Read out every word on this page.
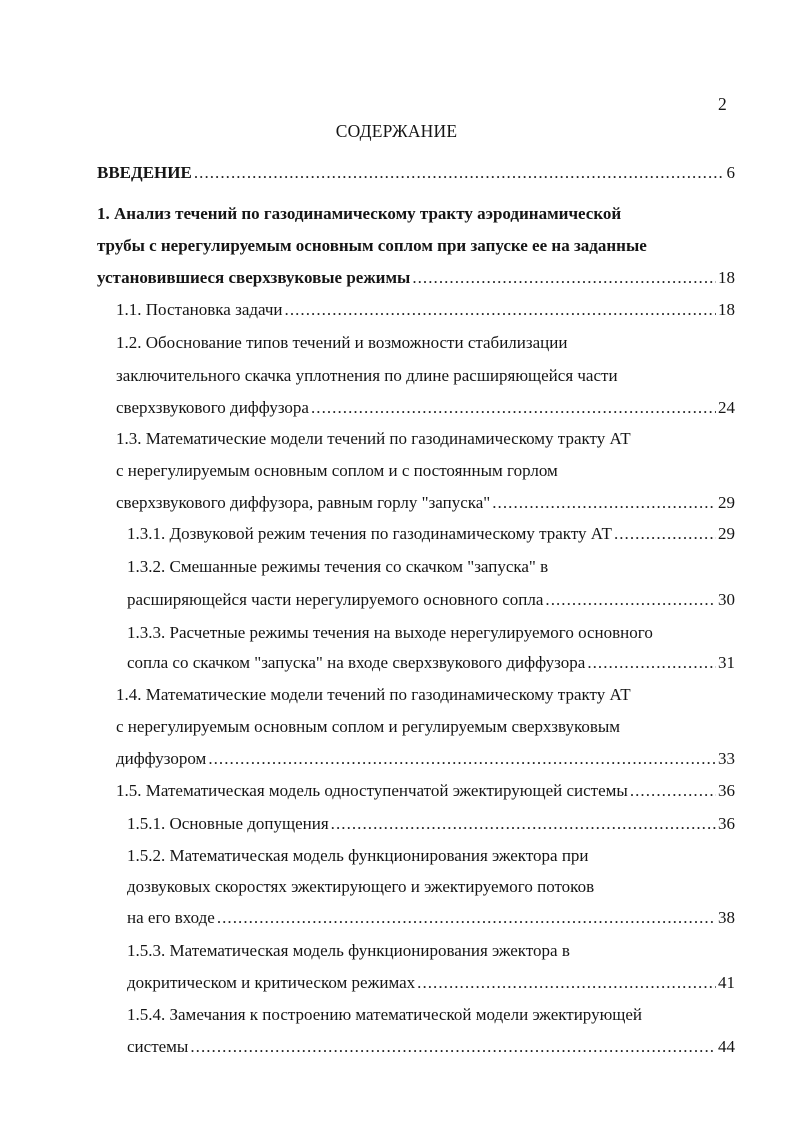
2
СОДЕРЖАНИЕ
ВВЕДЕНИЕ . . .	6
1. Анализ течений по газодинамическому тракту аэродинамической
трубы с нерегулируемым основным соплом при запуске ее на заданные
установившиеся сверхзвуковые режимы . . .	18
1.1. Постановка задачи . . .	18
1.2. Обоснование типов течений и возможности стабилизации
заключительного скачка уплотнения по длине расширяющейся части
сверхзвукового диффузора . . .	24
1.3. Математические модели течений по газодинамическому тракту АТ
с нерегулируемым основным соплом и с постоянным горлом
сверхзвукового диффузора, равным горлу "запуска" . . .	29
1.3.1. Дозвуковой режим течения по газодинамическому тракту АТ . . .	29
1.3.2. Смешанные режимы течения со скачком "запуска" в
расширяющейся части нерегулируемого основного сопла . . .	30
1.3.3. Расчетные режимы течения на выходе нерегулируемого основного
сопла со скачком "запуска" на входе сверхзвукового диффузора . . .	31
1.4. Математические модели течений по газодинамическому тракту АТ
с нерегулируемым основным соплом и регулируемым сверхзвуковым
диффузором . . .	33
1.5. Математическая модель одноступенчатой эжектирующей системы . . .	36
1.5.1. Основные допущения . . .	36
1.5.2. Математическая модель функционирования эжектора при
дозвуковых скоростях эжектирующего и эжектируемого потоков
на его входе . . .	38
1.5.3. Математическая модель функционирования эжектора в
докритическом и критическом режимах . . .	41
1.5.4. Замечания к построению математической модели эжектирующей
системы . . .	44
